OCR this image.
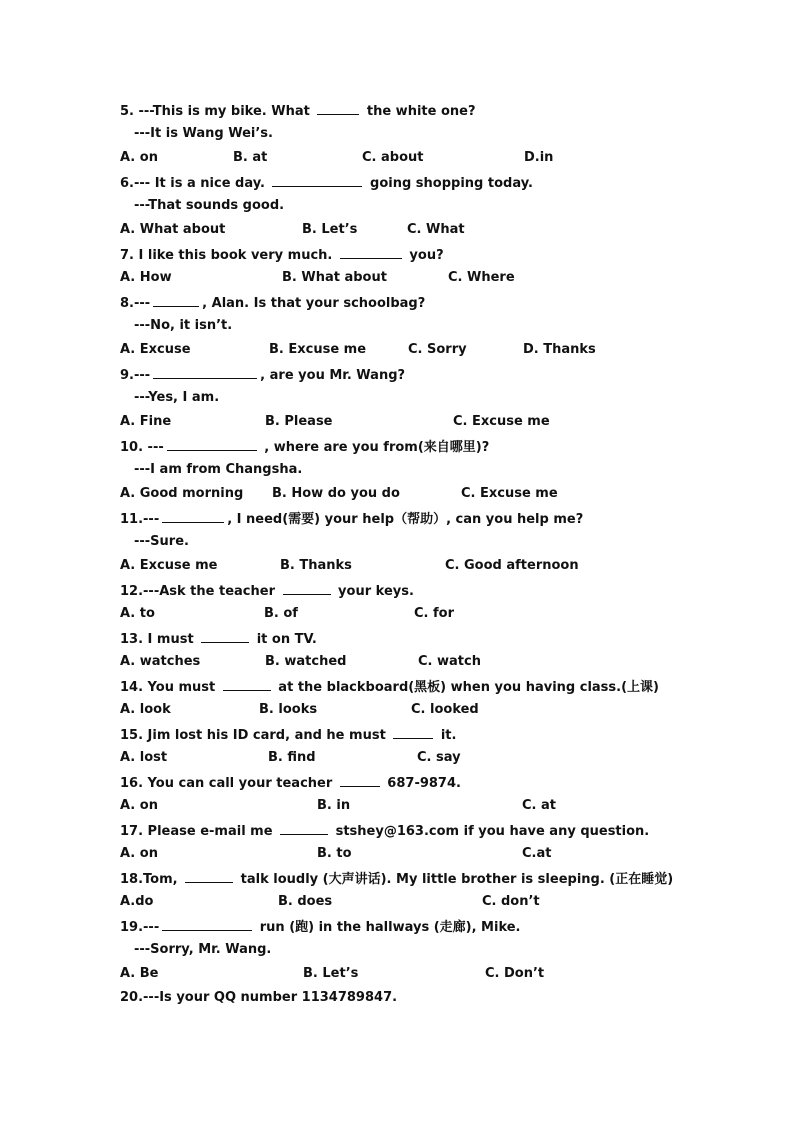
5. ---This is my bike. What	the white one?
---It is Wang Wei’s.
A. on	B. at	C. about	D.in
6.--- It is a nice day.	going shopping today.
---That sounds good.
A. What about	B. Let’s	C. What
7. I like this book very much.	you?
A. How	B. What about	C. Where
8.---	, Alan. Is that your schoolbag?
---No, it isn’t.
A. Excuse	B. Excuse me	C. Sorry	D. Thanks
9.---	, are you Mr. Wang?
---Yes, I am.
A. Fine	B. Please	C. Excuse me
10. ---	, where are you from(来自哪里)?
---I am from Changsha.
A. Good morning B. How do you do	C. Excuse me
11.---	, I need(需要) your help（帮助）, can you help me?
---Sure.
A. Excuse me	B. Thanks	C. Good afternoon
12.---Ask the teacher	your keys.
A. to	B. of	C. for
13. I must	it on TV.
A. watches	B. watched	C. watch
14. You must	at the blackboard(黑板) when you having class.(上课)
A. look	B. looks	C. looked
15. Jim lost his ID card, and he must	it.
A. lost	B. find	C. say
16. You can call your teacher	687-9874.
A. on	B. in	C. at
17. Please e-mail me	stshey@163.com if you have any question.
A. on	B. to	C.at
18.Tom,	talk loudly (大声讲话). My little brother is sleeping. (正在睡觉)
A.do	B. does	C. don’t
19.---	run (跑) in the hallways (走廊), Mike.
---Sorry, Mr. Wang.
A. Be	B. Let’s	C. Don’t
20.---Is your QQ number 1134789847.
